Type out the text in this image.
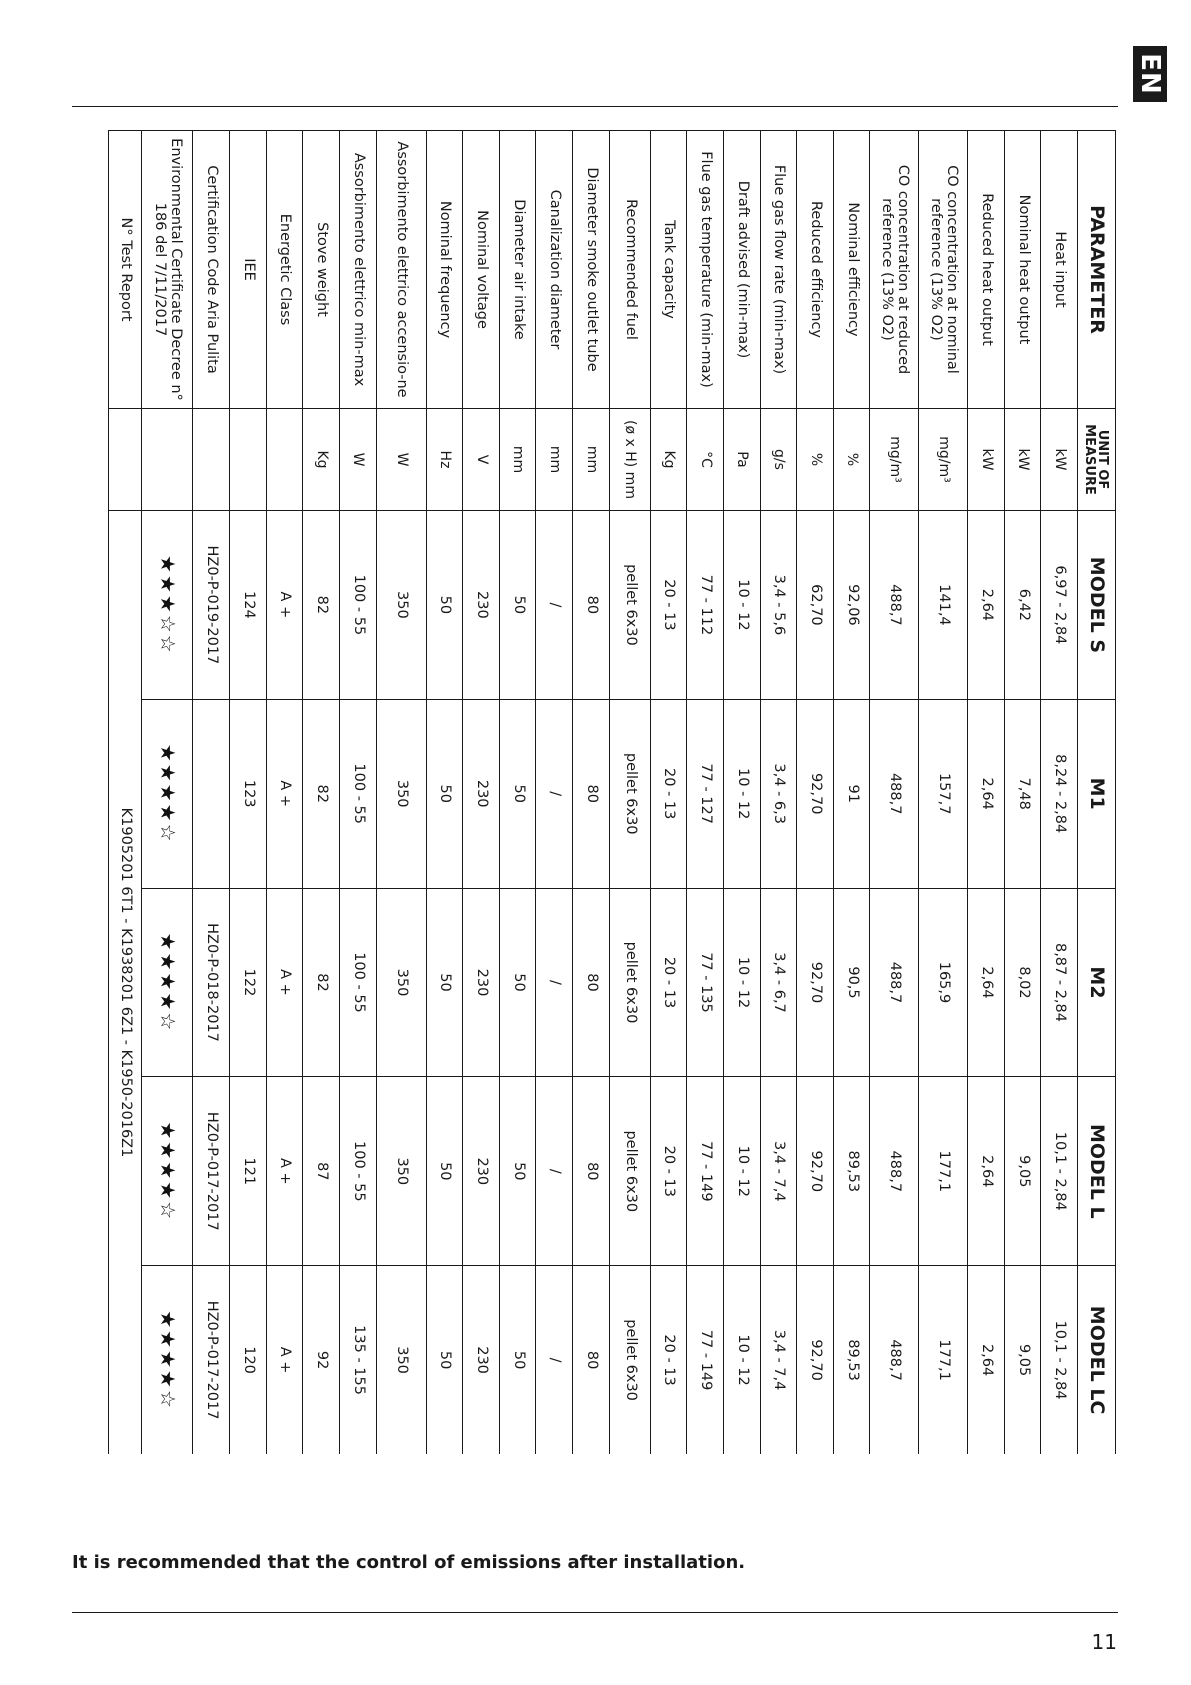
EN
PARAMETER	UNIT OF MEASURE	MODEL S	M1	M2	MODEL L	MODEL LC
Heat input	kW	6,97 - 2,84	8,24 - 2,84	8,87 - 2,84	10,1 - 2,84	10,1 - 2,84
Nominal heat output	kW	6,42	7,48	8,02	9,05	9,05
Reduced heat output	kW	2,64	2,64	2,64	2,64	2,64
CO concentration at nominal reference (13% O2)	mg/m³	141,4	157,7	165,9	177,1	177,1
CO concentration at reduced reference (13% O2)	mg/m³	488,7	488,7	488,7	488,7	488,7
Nominal efficiency	%	92,06	91	90,5	89,53	89,53
Reduced efficiency	%	62,70	92,70	92,70	92,70	92,70
Flue gas flow rate (min-max)	g/s	3,4 - 5,6	3,4 - 6,3	3,4 - 6,7	3,4 - 7,4	3,4 - 7,4
Draft advised (min-max)	Pa	10 - 12	10 - 12	10 - 12	10 - 12	10 - 12
Flue gas temperature (min-max)	°C	77 - 112	77 - 127	77 - 135	77 - 149	77 - 149
Tank capacity	Kg	20 - 13	20 - 13	20 - 13	20 - 13	20 - 13
Recommended fuel	(ø x H) mm	pellet 6x30	pellet 6x30	pellet 6x30	pellet 6x30	pellet 6x30
Diameter smoke outlet tube	mm	80	80	80	80	80
Canalization diameter	mm	/	/	/	/	/
Diameter air intake	mm	50	50	50	50	50
Nominal voltage	V	230	230	230	230	230
Nominal frequency	Hz	50	50	50	50	50
Assorbimento elettrico accensio-ne	W	350	350	350	350	350
Assorbimento elettrico min-max	W	100 - 55	100 - 55	100 - 55	100 - 55	135 - 155
Stove weight	Kg	82	82	82	87	92
Energetic Class		A +	A +	A +	A +	A +
IEE		124	123	122	121	120
Certification Code Aria Pulita		HZ0-P-019-2017		HZ0-P-018-2017	HZ0-P-017-2017	HZ0-P-017-2017
Environmental Certificate Decree n° 186 del 7/11/2017		★★★☆☆	★★★★☆	★★★★☆	★★★★☆	★★★★☆
N° Test Report		K1905201 6T1 - K1938201 6Z1 - K1950-2016Z1				
It is recommended that the control of emissions after installation.
11
